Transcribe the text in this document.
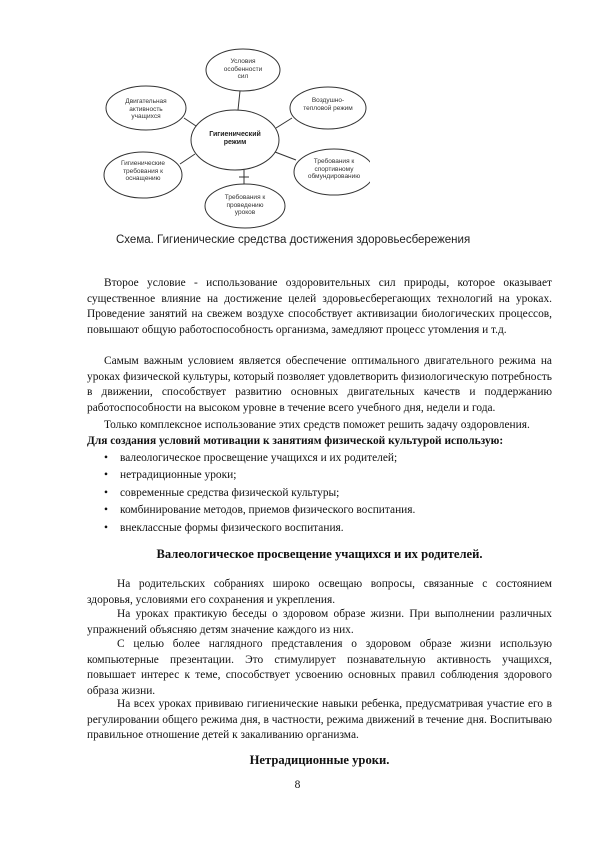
Гигиенический режим
Условия особенности сил
Воздушно-тепловой режим
Требования к спортивному обмундированию
Требования к проведению уроков
Гигиенические требования к оснащению
Двигательная активность учащихся
Схема. Гигиенические средства достижения здоровьесбережения

Второе условие - использование оздоровительных сил природы, которое оказывает существенное влияние на достижение целей здоровьесберегающих технологий на уроках. Проведение занятий на свежем воздухе способствует активизации биологических процессов, повышают общую работоспособность организма, замедляют процесс утомления и т.д.

Самым важным условием является обеспечение оптимального двигательного режима на уроках физической культуры, который позволяет удовлетворить физиологическую потребность в движении, способствует развитию основных двигательных качеств и поддержанию работоспособности на высоком уровне в течение всего учебного дня, недели и года.

Только комплексное использование этих средств поможет решить задачу оздоровления.

Для создания условий мотивации к занятиям физической культурой использую:

• валеологическое просвещение учащихся и их родителей;
• нетрадиционные уроки;
• современные средства физической культуры;
• комбинирование методов, приемов физического воспитания.
• внеклассные формы физического воспитания.
Валеологическое просвещение учащихся и их родителей.

На родительских собраниях широко освещаю вопросы, связанные с состоянием здоровья, условиями его сохранения и укрепления.

На уроках практикую беседы о здоровом образе жизни. При выполнении различных упражнений объясняю детям значение каждого из них.

С целью более наглядного представления о здоровом образе жизни использую компьютерные презентации. Это стимулирует познавательную активность учащихся, повышает интерес к теме, способствует усвоению основных правил соблюдения здорового образа жизни.

На всех уроках прививаю гигиенические навыки ребенка, предусматривая участие его в регулировании общего режима дня, в частности, режима движений в течение дня. Воспитываю правильное отношение детей к закаливанию организма.

Нетрадиционные уроки.
8
